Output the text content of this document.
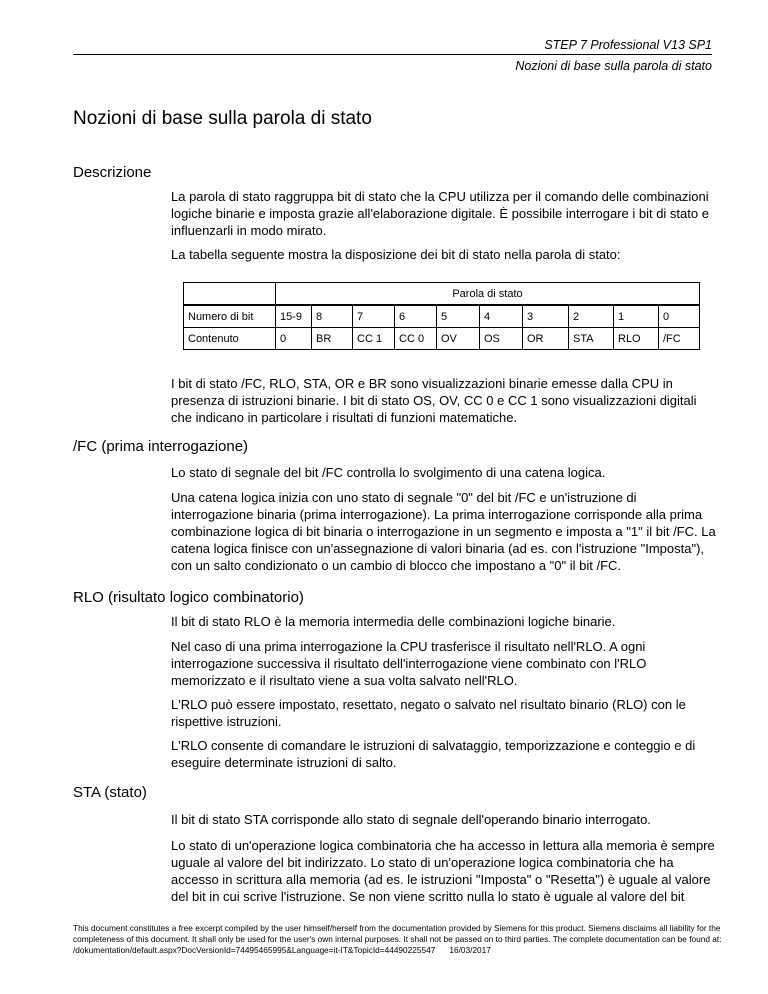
STEP 7 Professional V13 SP1
Nozioni di base sulla parola di stato
Nozioni di base sulla parola di stato
Descrizione

La parola di stato raggruppa bit di stato che la CPU utilizza per il comando delle combinazioni logiche binarie e imposta grazie all'elaborazione digitale. È possibile interrogare i bit di stato e influenzarli in modo mirato.

La tabella seguente mostra la disposizione dei bit di stato nella parola di stato:

	Parola di stato									
Numero di bit	15-9	8	7	6	5	4	3	2	1	0
Contenuto	0	BR	CC 1	CC 0	OV	OS	OR	STA	RLO	/FC

I bit di stato /FC, RLO, STA, OR e BR sono visualizzazioni binarie emesse dalla CPU in presenza di istruzioni binarie. I bit di stato OS, OV, CC 0 e CC 1 sono visualizzazioni digitali che indicano in particolare i risultati di funzioni matematiche.

/FC (prima interrogazione)

Lo stato di segnale del bit /FC controlla lo svolgimento di una catena logica.

Una catena logica inizia con uno stato di segnale "0" del bit /FC e un'istruzione di interrogazione binaria (prima interrogazione). La prima interrogazione corrisponde alla prima combinazione logica di bit binaria o interrogazione in un segmento e imposta a "1" il bit /FC. La catena logica finisce con un'assegnazione di valori binaria (ad es. con l'istruzione "Imposta"), con un salto condizionato o un cambio di blocco che impostano a "0" il bit /FC.

RLO (risultato logico combinatorio)

Il bit di stato RLO è la memoria intermedia delle combinazioni logiche binarie.

Nel caso di una prima interrogazione la CPU trasferisce il risultato nell'RLO. A ogni interrogazione successiva il risultato dell'interrogazione viene combinato con l'RLO memorizzato e il risultato viene a sua volta salvato nell'RLO.

L'RLO può essere impostato, resettato, negato o salvato nel risultato binario (RLO) con le rispettive istruzioni.

L'RLO consente di comandare le istruzioni di salvataggio, temporizzazione e conteggio e di eseguire determinate istruzioni di salto.

STA (stato)

Il bit di stato STA corrisponde allo stato di segnale dell'operando binario interrogato.

Lo stato di un'operazione logica combinatoria che ha accesso in lettura alla memoria è sempre uguale al valore del bit indirizzato. Lo stato di un'operazione logica combinatoria che ha accesso in scrittura alla memoria (ad es. le istruzioni "Imposta" o "Resetta") è uguale al valore del bit in cui scrive l'istruzione. Se non viene scritto nulla lo stato è uguale al valore del bit

This document constitutes a free excerpt compiled by the user himself/herself from the documentation provided by Siemens for this product. Siemens disclaims all liability for the completeness of this document. It shall only be used for the user's own internal purposes. It shall not be passed on to third parties. The complete documentation can be found at:
/dokumentation/default.aspx?DocVersionId=74495465995&Language=it-IT&TopicId=44490225547 16/03/2017
